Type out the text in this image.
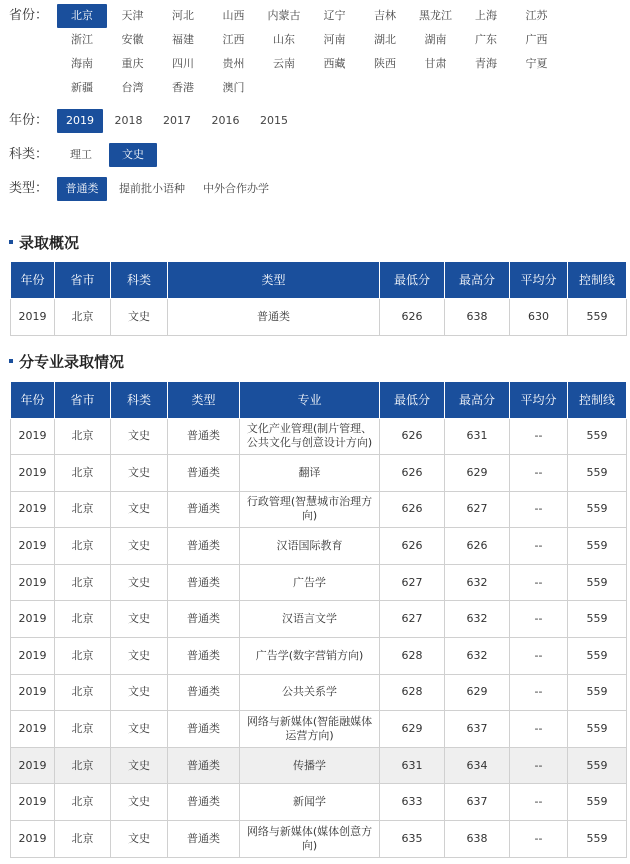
省份：
年份：
科类：
类型：
北京	天津	河北	山西	内蒙古	辽宁	吉林	黑龙江	上海	江苏
浙江	安徽	福建	江西	山东	河南	湖北	湖南	广东	广西
海南	重庆	四川	贵州	云南	西藏	陕西	甘肃	青海	宁夏
新疆	台湾	香港	澳门
2019	2018	2017	2016	2015
理工	文史
普通类	提前批小语种	中外合作办学
录取概况
年份	省市	科类	类型	最低分	最高分	平均分	控制线
2019	北京	文史	普通类	626	638	630	559
分专业录取情况
年份	省市	科类	类型	专业	最低分	最高分	平均分	控制线
2019	北京	文史	普通类	文化产业管理(制片管理、公共文化与创意设计方向)	626	631	--	559
2019	北京	文史	普通类	翻译	626	629	--	559
2019	北京	文史	普通类	行政管理(智慧城市治理方向)	626	627	--	559
2019	北京	文史	普通类	汉语国际教育	626	626	--	559
2019	北京	文史	普通类	广告学	627	632	--	559
2019	北京	文史	普通类	汉语言文学	627	632	--	559
2019	北京	文史	普通类	广告学(数字营销方向)	628	632	--	559
2019	北京	文史	普通类	公共关系学	628	629	--	559
2019	北京	文史	普通类	网络与新媒体(智能融媒体运营方向)	629	637	--	559
2019	北京	文史	普通类	传播学	631	634	--	559
2019	北京	文史	普通类	新闻学	633	637	--	559
2019	北京	文史	普通类	网络与新媒体(媒体创意方向)	635	638	--	559
